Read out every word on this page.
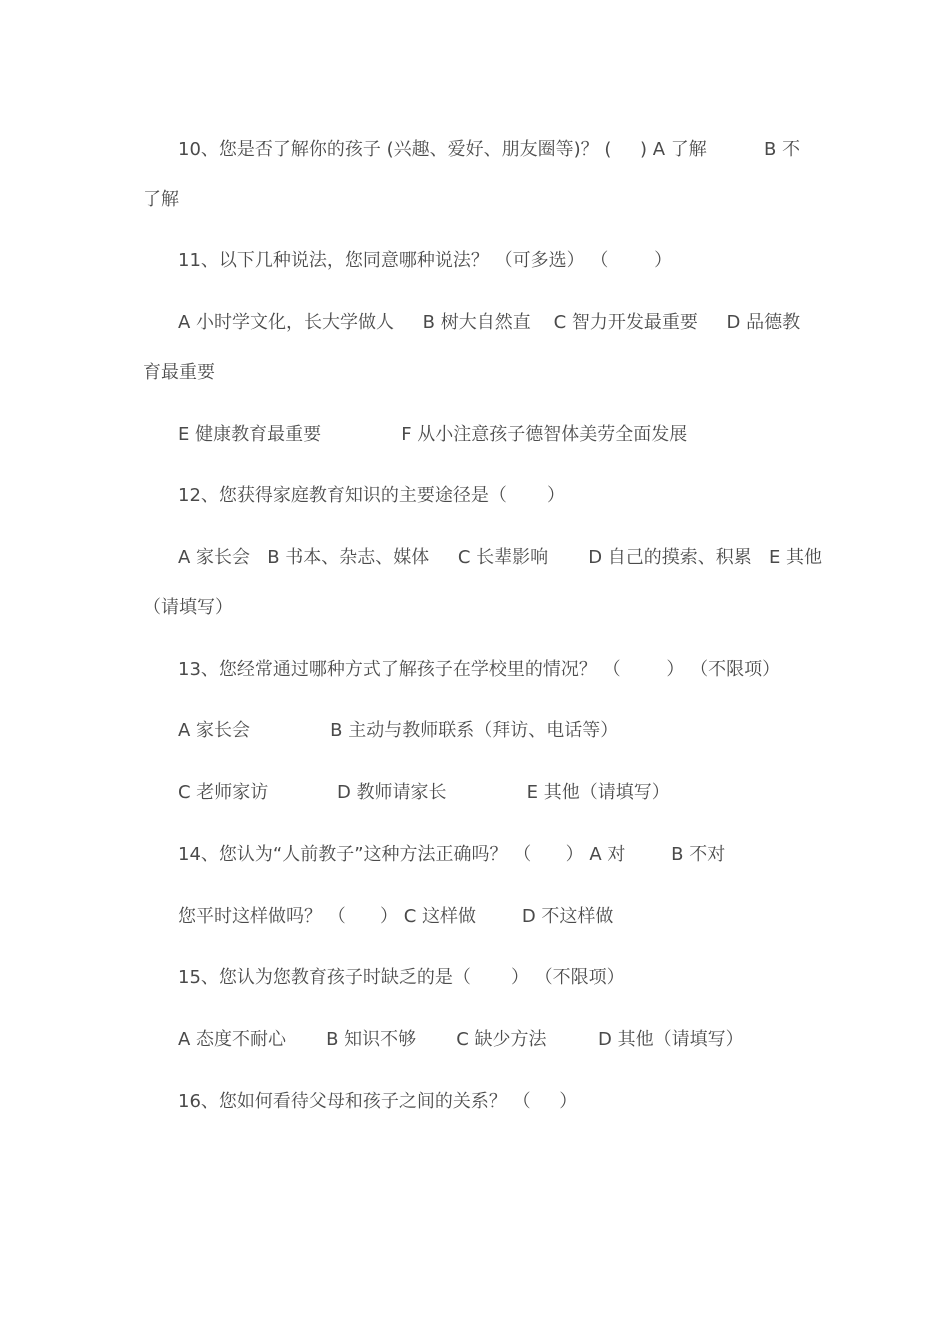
10、您是否了解你的孩子 (兴趣、爱好、朋友圈等)？ (     ) A 了解          B 不
了解
11、以下几种说法，您同意哪种说法？ （可多选） （        ）
A 小时学文化，长大学做人     B 树大自然直    C 智力开发最重要     D 品德教
育最重要
E 健康教育最重要              F 从小注意孩子德智体美劳全面发展
12、您获得家庭教育知识的主要途径是（       ）
A 家长会   B 书本、杂志、媒体     C 长辈影响       D 自己的摸索、积累   E 其他
（请填写）
13、您经常通过哪种方式了解孩子在学校里的情况？ （        ） （不限项）
A 家长会              B 主动与教师联系（拜访、电话等）
C 老师家访            D 教师请家长              E 其他（请填写）
14、您认为“人前教子”这种方法正确吗？ （      ） A 对        B 不对
您平时这样做吗？ （      ） C 这样做        D 不这样做
15、您认为您教育孩子时缺乏的是（       ） （不限项）
A 态度不耐心       B 知识不够       C 缺少方法         D 其他（请填写）
16、您如何看待父母和孩子之间的关系？ （     ）
